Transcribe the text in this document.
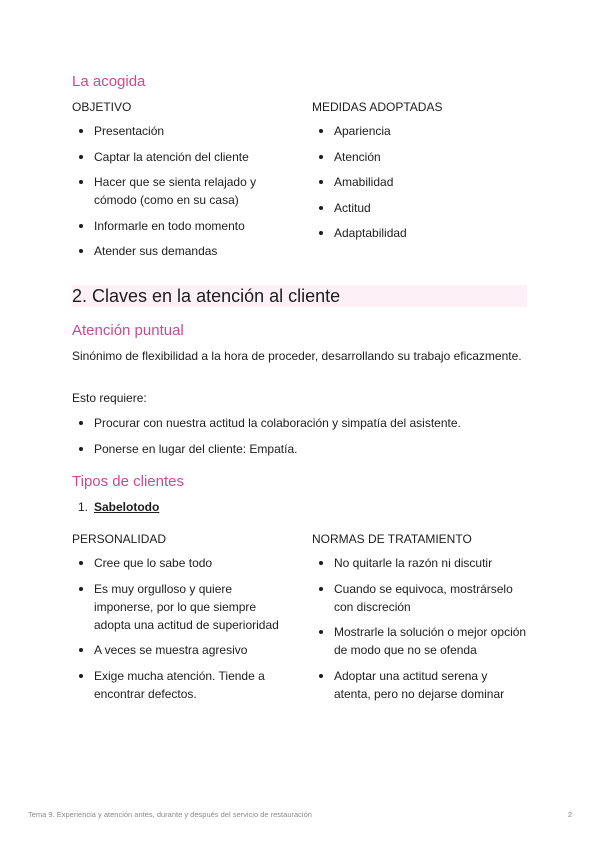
La acogida
OBJETIVO
Presentación
Captar la atención del cliente
Hacer que se sienta relajado y cómodo (como en su casa)
Informarle en todo momento
Atender sus demandas
MEDIDAS ADOPTADAS
Apariencia
Atención
Amabilidad
Actitud
Adaptabilidad
2. Claves en la atención al cliente
Atención puntual

Sinónimo de flexibilidad a la hora de proceder, desarrollando su trabajo eficazmente.

Esto requiere:

Procurar con nuestra actitud la colaboración y simpatía del asistente.
Ponerse en lugar del cliente: Empatía.
Tipos de clientes
1. Sabelotodo
PERSONALIDAD
Cree que lo sabe todo
Es muy orgulloso y quiere imponerse, por lo que siempre adopta una actitud de superioridad
A veces se muestra agresivo
Exige mucha atención. Tiende a encontrar defectos.
NORMAS DE TRATAMIENTO
No quitarle la razón ni discutir
Cuando se equivoca, mostrárselo con discreción
Mostrarle la solución o mejor opción de modo que no se ofenda
Adoptar una actitud serena y atenta, pero no dejarse dominar
Tema 9. Experiencia y atención antes, durante y después del servicio de restauración	2
